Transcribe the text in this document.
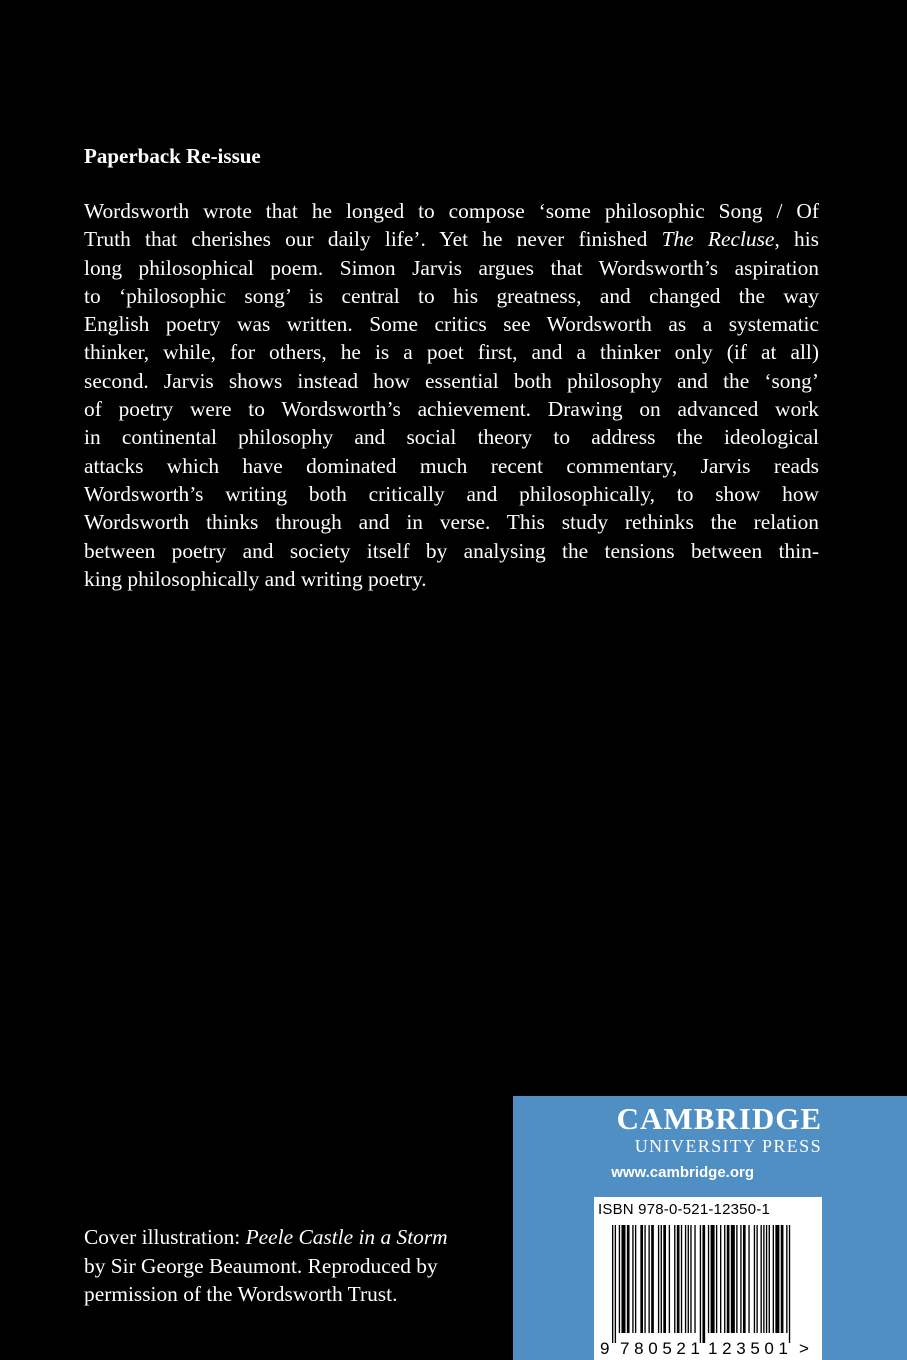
Paperback Re-issue
Wordsworth wrote that he longed to compose ‘some philosophic Song / Of
Truth that cherishes our daily life’. Yet he never finished The Recluse, his
long philosophical poem. Simon Jarvis argues that Wordsworth’s aspiration
to ‘philosophic song’ is central to his greatness, and changed the way
English poetry was written. Some critics see Wordsworth as a systematic
thinker, while, for others, he is a poet first, and a thinker only (if at all)
second. Jarvis shows instead how essential both philosophy and the ‘song’
of poetry were to Wordsworth’s achievement. Drawing on advanced work
in continental philosophy and social theory to address the ideological
attacks which have dominated much recent commentary, Jarvis reads
Wordsworth’s writing both critically and philosophically, to show how
Wordsworth thinks through and in verse. This study rethinks the relation
between poetry and society itself by analysing the tensions between thin-
king philosophically and writing poetry.
Cover illustration: Peele Castle in a Storm
by Sir George Beaumont. Reproduced by
permission of the Wordsworth Trust.
CAMBRIDGE
UNIVERSITY PRESS
www.cambridge.org
ISBN 978-0-521-12350-1
9 780521 123501 >
